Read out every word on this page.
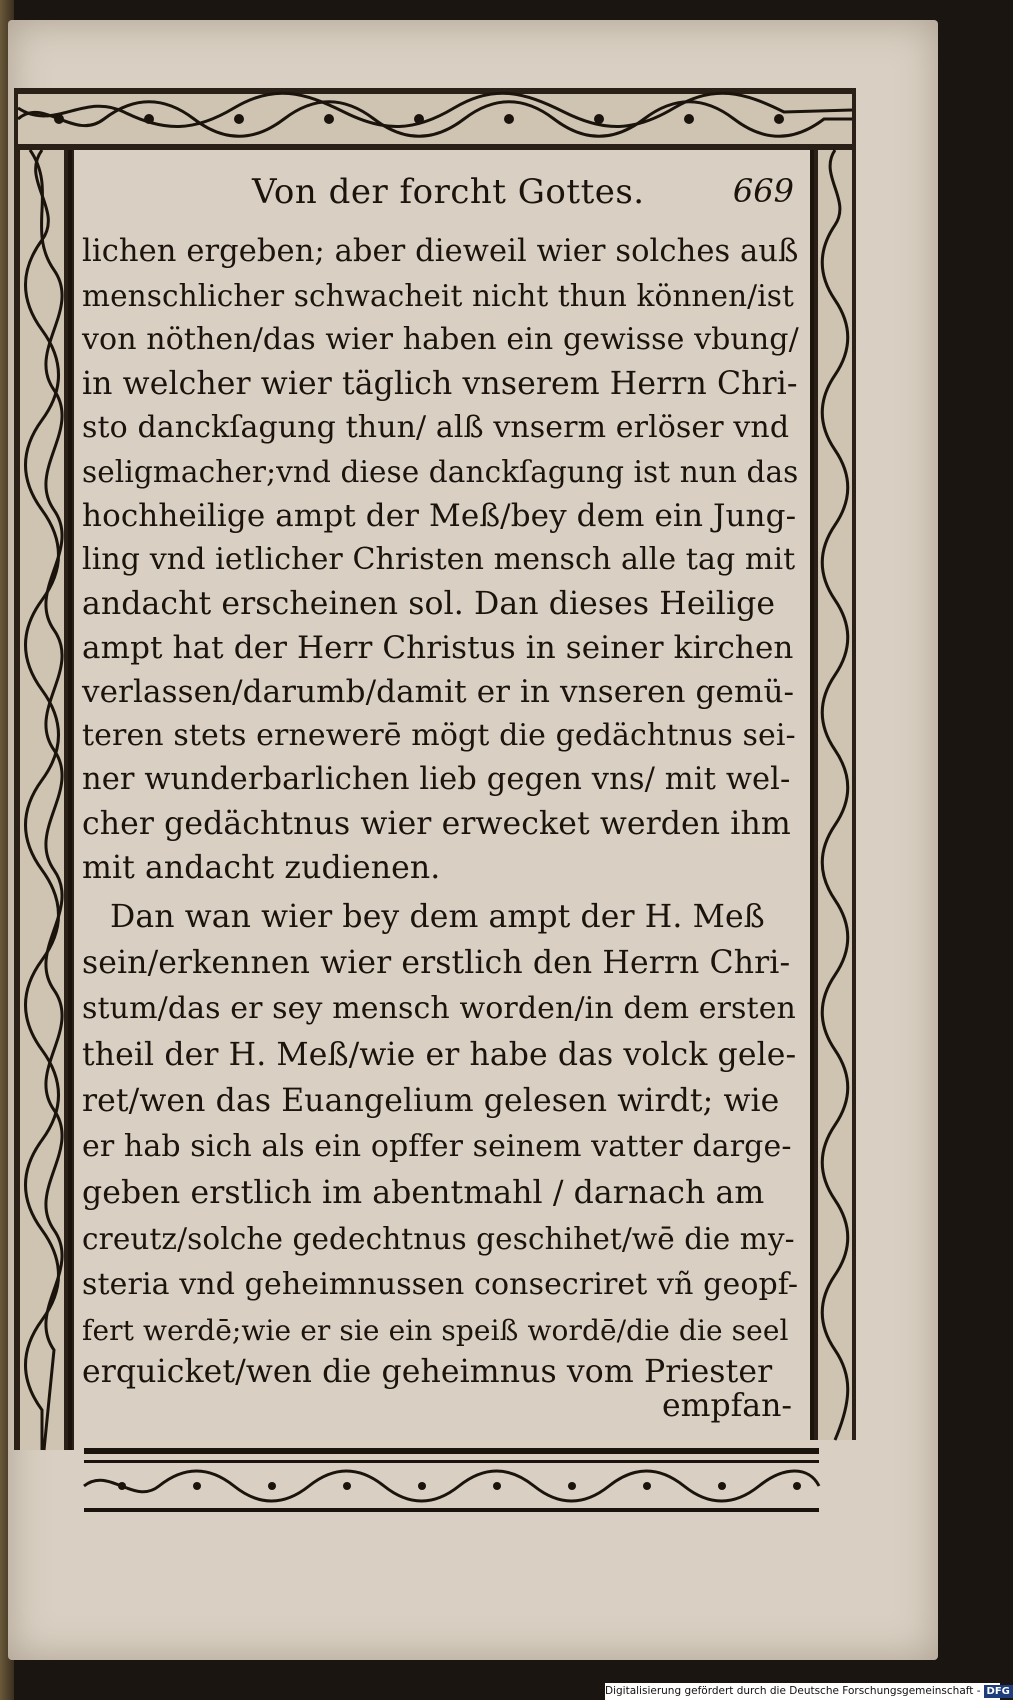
Von der forcht Gottes.	669
lichen ergeben; aber dieweil wier solches auß
menschlicher schwacheit nicht thun können/ist
von nöthen/das wier haben ein gewisse vbung/
in welcher wier täglich vnserem Herrn Chri-
sto danckſagung thun/ alß vnserm erlöser vnd
seligmacher;vnd diese danckſagung ist nun das
hochheilige ampt der Meß/bey dem ein Jung-
ling vnd ietlicher Christen mensch alle tag mit
andacht erscheinen sol. Dan dieses Heilige
ampt hat der Herr Christus in seiner kirchen
verlassen/darumb/damit er in vnseren gemü-
teren stets ernewerē mögt die gedächtnus sei-
ner wunderbarlichen lieb gegen vns/ mit wel-
cher gedächtnus wier erwecket werden ihm
mit andacht zudienen.
Dan wan wier bey dem ampt der H. Meß
sein/erkennen wier erstlich den Herrn Chri-
stum/das er sey mensch worden/in dem ersten
theil der H. Meß/wie er habe das volck gele-
ret/wen das Euangelium gelesen wirdt; wie
er hab sich als ein opffer seinem vatter darge-
geben erstlich im abentmahl / darnach am
creutz/solche gedechtnus geschihet/wē die my-
steria vnd geheimnussen consecriret vñ geopf-
fert werdē;wie er sie ein speiß wordē/die die seel
erquicket/wen die geheimnus vom Priester
empfan-
Digitalisierung gefördert durch die Deutsche Forschungsgemeinschaft - DFG
